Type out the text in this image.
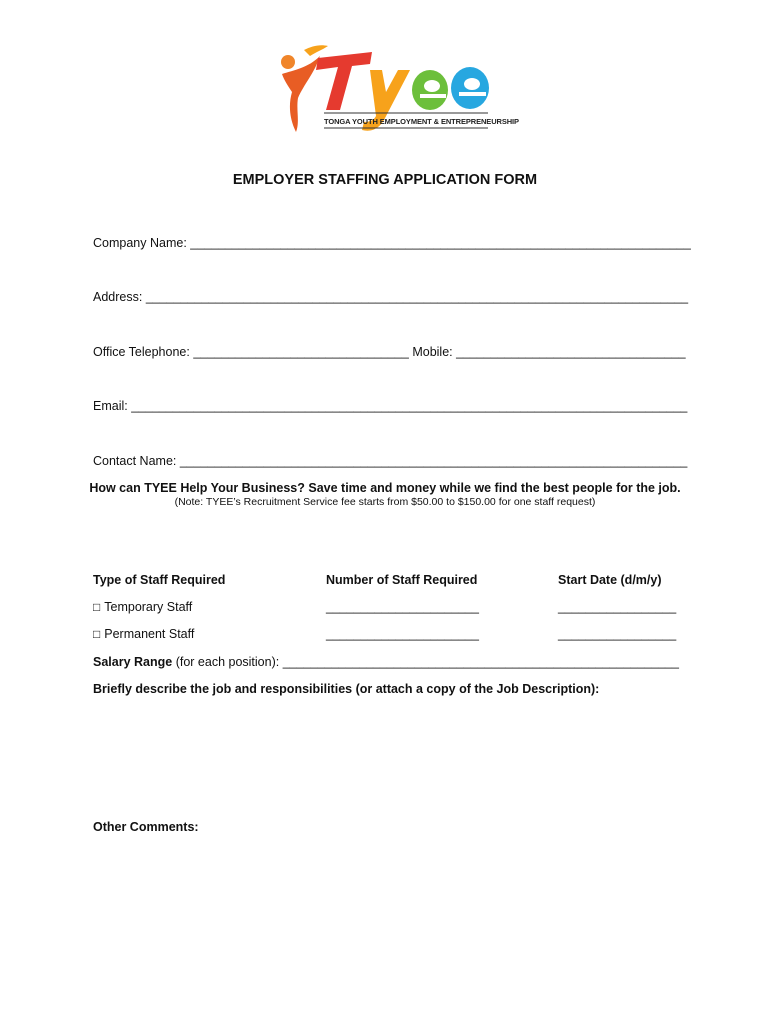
TONGA YOUTH EMPLOYMENT & ENTREPRENEURSHIP
EMPLOYER STAFFING APPLICATION FORM
Company Name: ________________________________________________________________________
Address: ______________________________________________________________________________
Office Telephone: _______________________________ Mobile: _________________________________
Email: ________________________________________________________________________________
Contact Name: _________________________________________________________________________
How can TYEE Help Your Business? Save time and money while we find the best people for the job.
(Note: TYEE’s Recruitment Service fee starts from $50.00 to $150.00 for one staff request)
Type of Staff Required	Number of Staff Required	Start Date (d/m/y)
□ Temporary Staff	______________________	_________________
□ Permanent Staff	______________________	_________________
Salary Range (for each position): _________________________________________________________
Briefly describe the job and responsibilities (or attach a copy of the Job Description):
Other Comments:
